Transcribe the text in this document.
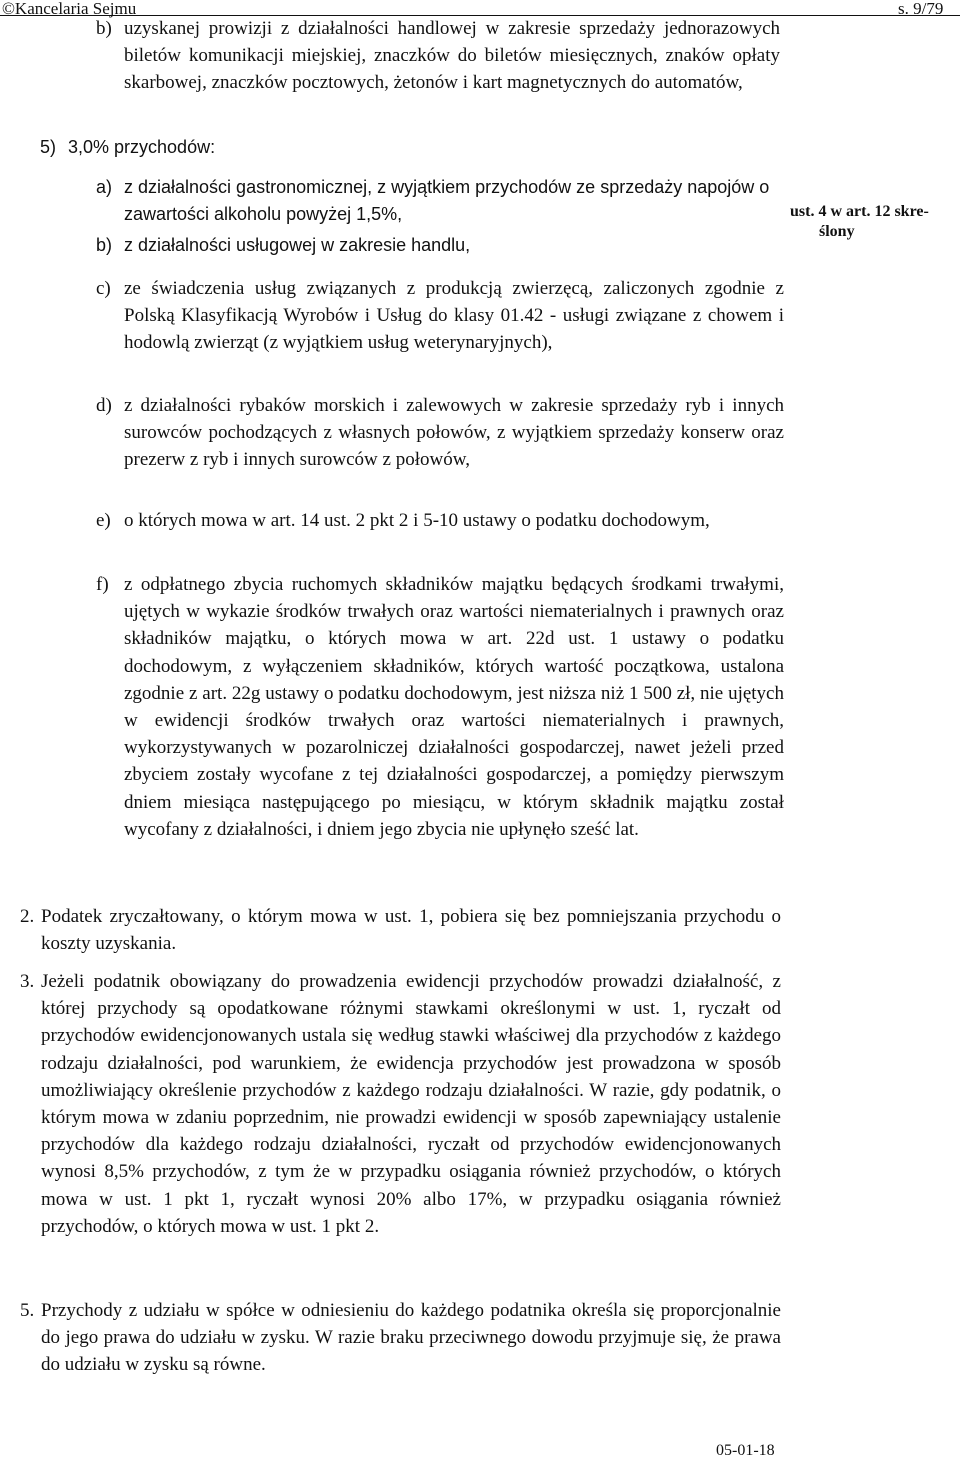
©Kancelaria Sejmu	s. 9/79
b) uzyskanej prowizji z działalności handlowej w zakresie sprzedaży jednorazowych biletów komunikacji miejskiej, znaczków do biletów miesięcznych, znaków opłaty skarbowej, znaczków pocztowych, żetonów i kart magnetycznych do automatów,
5) 3,0% przychodów:
a) z działalności gastronomicznej, z wyjątkiem przychodów ze sprzedaży napojów o zawartości alkoholu powyżej 1,5%,
b) z działalności usługowej w zakresie handlu,
c) ze świadczenia usług związanych z produkcją zwierzęcą, zaliczonych zgodnie z Polską Klasyfikacją Wyrobów i Usług do klasy 01.42 - usługi związane z chowem i hodowlą zwierząt (z wyjątkiem usług weterynaryjnych),
d) z działalności rybaków morskich i zalewowych w zakresie sprzedaży ryb i innych surowców pochodzących z własnych połowów, z wyjątkiem sprzedaży konserw oraz prezerw z ryb i innych surowców z połowów,
e) o których mowa w art. 14 ust. 2 pkt 2 i 5-10 ustawy o podatku dochodowym,
f) z odpłatnego zbycia ruchomych składników majątku będących środkami trwałymi, ujętych w wykazie środków trwałych oraz wartości niematerialnych i prawnych oraz składników majątku, o których mowa w art. 22d ust. 1 ustawy o podatku dochodowym, z wyłączeniem składników, których wartość początkowa, ustalona zgodnie z art. 22g ustawy o podatku dochodowym, jest niższa niż 1 500 zł, nie ujętych w ewidencji środków trwałych oraz wartości niematerialnych i prawnych, wykorzystywanych w pozarolniczej działalności gospodarczej, nawet jeżeli przed zbyciem zostały wycofane z tej działalności gospodarczej, a pomiędzy pierwszym dniem miesiąca następującego po miesiącu, w którym składnik majątku został wycofany z działalności, i dniem jego zbycia nie upłynęło sześć lat.
2. Podatek zryczałtowany, o którym mowa w ust. 1, pobiera się bez pomniejszania przychodu o koszty uzyskania.
3. Jeżeli podatnik obowiązany do prowadzenia ewidencji przychodów prowadzi działalność, z której przychody są opodatkowane różnymi stawkami określonymi w ust. 1, ryczałt od przychodów ewidencjonowanych ustala się według stawki właściwej dla przychodów z każdego rodzaju działalności, pod warunkiem, że ewidencja przychodów jest prowadzona w sposób umożliwiający określenie przychodów z każdego rodzaju działalności. W razie, gdy podatnik, o którym mowa w zdaniu poprzednim, nie prowadzi ewidencji w sposób zapewniający ustalenie przychodów dla każdego rodzaju działalności, ryczałt od przychodów ewidencjonowanych wynosi 8,5% przychodów, z tym że w przypadku osiągania również przychodów, o których mowa w ust. 1 pkt 1, ryczałt wynosi 20% albo 17%, w przypadku osiągania również przychodów, o których mowa w ust. 1 pkt 2.
5. Przychody z udziału w spółce w odniesieniu do każdego podatnika określa się proporcjonalnie do jego prawa do udziału w zysku. W razie braku przeciwnego dowodu przyjmuje się, że prawa do udziału w zysku są równe.
ust. 4 w art. 12 skre-
ślony
05-01-18
